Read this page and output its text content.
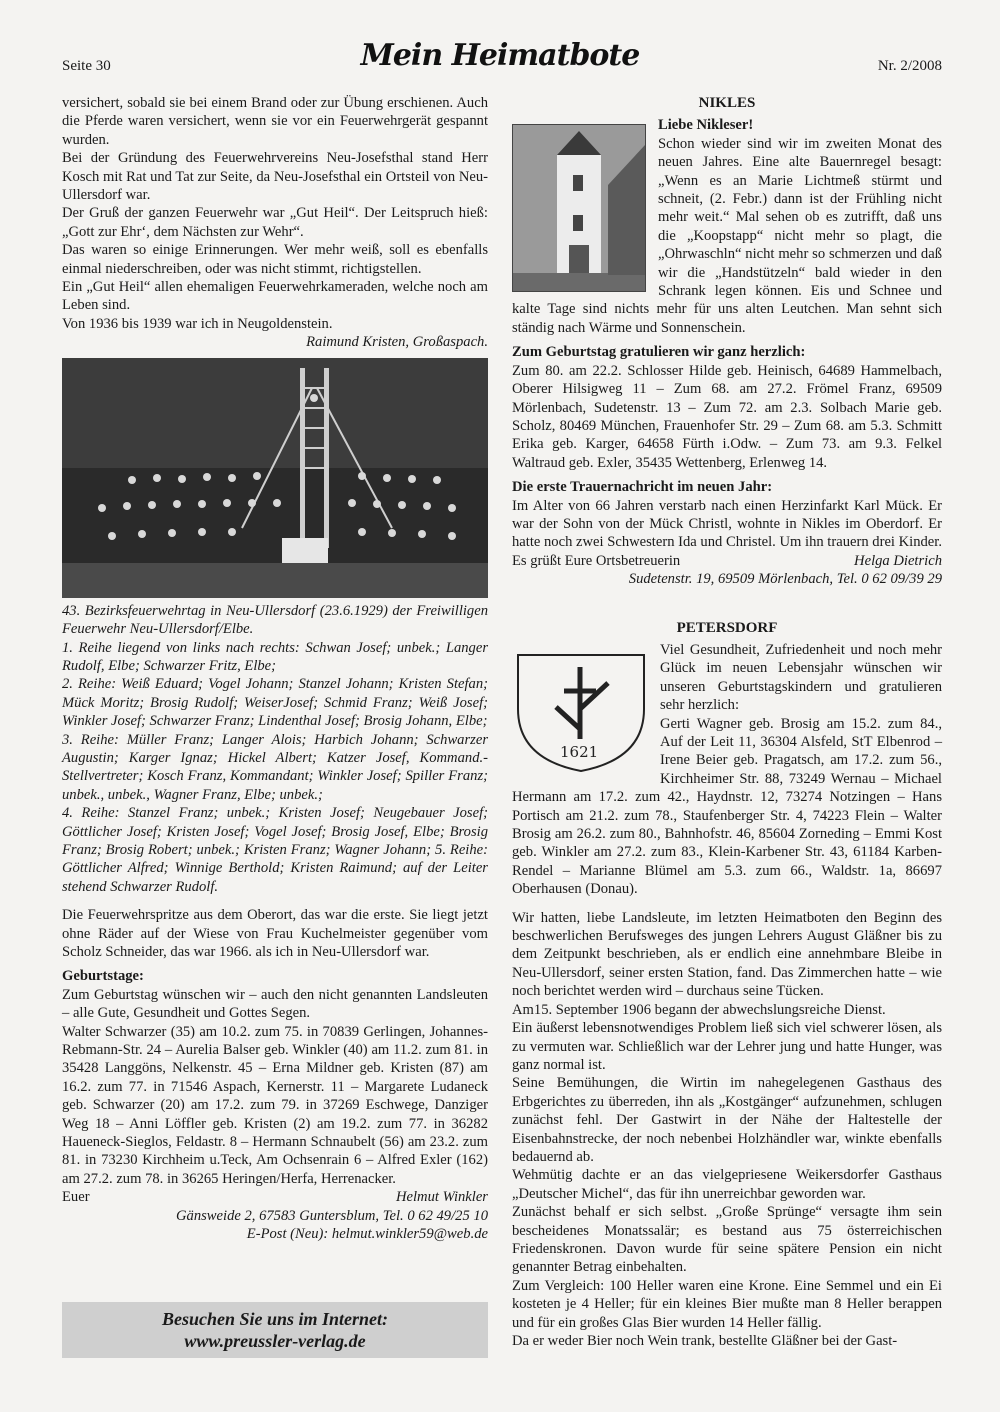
Seite 30	Mein Heimatbote	Nr. 2/2008

versichert, sobald sie bei einem Brand oder zur Übung erschienen. Auch die Pferde waren versichert, wenn sie vor ein Feuerwehrgerät gespannt wurden.

Bei der Gründung des Feuerwehrvereins Neu-Josefsthal stand Herr Kosch mit Rat und Tat zur Seite, da Neu-Josefsthal ein Ortsteil von Neu-Ullersdorf war.

Der Gruß der ganzen Feuerwehr war „Gut Heil“. Der Leitspruch hieß: „Gott zur Ehr‘, dem Nächsten zur Wehr“.

Das waren so einige Erinnerungen. Wer mehr weiß, soll es ebenfalls einmal niederschreiben, oder was nicht stimmt, richtigstellen.

Ein „Gut Heil“ allen ehemaligen Feuerwehrkameraden, welche noch am Leben sind.

Von 1936 bis 1939 war ich in Neugoldenstein.

Raimund Kristen, Großaspach.

43. Bezirksfeuerwehrtag in Neu-Ullersdorf (23.6.1929) der Freiwilligen Feuerwehr Neu-Ullersdorf/Elbe.

1. Reihe liegend von links nach rechts: Schwan Josef; unbek.; Langer Rudolf, Elbe; Schwarzer Fritz, Elbe;

2. Reihe: Weiß Eduard; Vogel Johann; Stanzel Johann; Kristen Stefan; Mück Moritz; Brosig Rudolf; WeiserJosef; Schmid Franz; Weiß Josef; Winkler Josef; Schwarzer Franz; Lindenthal Josef; Brosig Johann, Elbe;

3. Reihe: Müller Franz; Langer Alois; Harbich Johann; Schwarzer Augustin; Karger Ignaz; Hickel Albert; Katzer Josef, Kommand.-Stellvertreter; Kosch Franz, Kommandant; Winkler Josef; Spiller Franz; unbek., unbek., Wagner Franz, Elbe; unbek.;

4. Reihe: Stanzel Franz; unbek.; Kristen Josef; Neugebauer Josef; Göttlicher Josef; Kristen Josef; Vogel Josef; Brosig Josef, Elbe; Brosig Franz; Brosig Robert; unbek.; Kristen Franz; Wagner Johann; 5. Reihe: Göttlicher Alfred; Winnige Berthold; Kristen Raimund; auf der Leiter stehend Schwarzer Rudolf.

Die Feuerwehrspritze aus dem Oberort, das war die erste. Sie liegt jetzt ohne Räder auf der Wiese von Frau Kuchelmeister gegenüber vom Scholz Schneider, das war 1966. als ich in Neu-Ullersdorf war.

Geburtstage:

Zum Geburtstag wünschen wir – auch den nicht genannten Landsleuten – alle Gute, Gesundheit und Gottes Segen.

Walter Schwarzer (35) am 10.2. zum 75. in 70839 Gerlingen, Johannes-Rebmann-Str. 24 – Aurelia Balser geb. Winkler (40) am 11.2. zum 81. in 35428 Langgöns, Nelkenstr. 45 – Erna Mildner geb. Kristen (87) am 16.2. zum 77. in 71546 Aspach, Kernerstr. 11 – Margarete Ludaneck geb. Schwarzer (20) am 17.2. zum 79. in 37269 Eschwege, Danziger Weg 18 – Anni Löffler geb. Kristen (2) am 19.2. zum 77. in 36282 Haueneck-Sieglos, Feldastr. 8 – Hermann Schnaubelt (56) am 23.2. zum 81. in 73230 Kirchheim u.Teck, Am Ochsenrain 6 – Alfred Exler (162) am 27.2. zum 78. in 36265 Heringen/Herfa, Herrenacker.

Euer	Helmut Winkler

Gänsweide 2, 67583 Guntersblum, Tel. 0 62 49/25 10

E-Post (Neu): helmut.winkler59@web.de

Besuchen Sie uns im Internet:
www.preussler-verlag.de

NIKLES

Liebe Nikleser!

Schon wieder sind wir im zweiten Monat des neuen Jahres. Eine alte Bauernregel besagt: „Wenn es an Marie Lichtmeß stürmt und schneit, (2. Febr.) dann ist der Frühling nicht mehr weit.“ Mal sehen ob es zutrifft, daß uns die „Koopstapp“ nicht mehr so plagt, die „Ohrwaschln“ nicht mehr so schmerzen und daß wir die „Handstützeln“ bald wieder in den Schrank legen können. Eis und Schnee und kalte Tage sind nichts mehr für uns alten Leutchen. Man sehnt sich ständig nach Wärme und Sonnenschein.

Zum Geburtstag gratulieren wir ganz herzlich:

Zum 80. am 22.2. Schlosser Hilde geb. Heinisch, 64689 Hammelbach, Oberer Hilsigweg 11 – Zum 68. am 27.2. Frömel Franz, 69509 Mörlenbach, Sudetenstr. 13 – Zum 72. am 2.3. Solbach Marie geb. Scholz, 80469 München, Frauenhofer Str. 29 – Zum 68. am 5.3. Schmitt Erika geb. Karger, 64658 Fürth i.Odw. – Zum 73. am 9.3. Felkel Waltraud geb. Exler, 35435 Wettenberg, Erlenweg 14.

Die erste Trauernachricht im neuen Jahr:

Im Alter von 66 Jahren verstarb nach einen Herzinfarkt Karl Mück. Er war der Sohn von der Mück Christl, wohnte in Nikles im Oberdorf. Er hatte noch zwei Schwestern Ida und Christel. Um ihn trauern drei Kinder.

Es grüßt Eure Ortsbetreuerin	Helga Dietrich

Sudetenstr. 19, 69509 Mörlenbach, Tel. 0 62 09/39 29

PETERSDORF

1621

Viel Gesundheit, Zufriedenheit und noch mehr Glück im neuen Lebensjahr wünschen wir unseren Geburtstagskindern und gratulieren sehr herzlich:

Gerti Wagner geb. Brosig am 15.2. zum 84., Auf der Leit 11, 36304 Alsfeld, StT Elbenrod – Irene Beier geb. Pragatsch, am 17.2. zum 56., Kirchheimer Str. 88, 73249 Wernau – Michael Hermann am 17.2. zum 42., Haydnstr. 12, 73274 Notzingen – Hans Portisch am 21.2. zum 78., Staufenberger Str. 4, 74223 Flein – Walter Brosig am 26.2. zum 80., Bahnhofstr. 46, 85604 Zorneding – Emmi Kost geb. Winkler am 27.2. zum 83., Klein-Karbener Str. 43, 61184 Karben-Rendel – Marianne Blümel am 5.3. zum 66., Waldstr. 1a, 86697 Oberhausen (Donau).

Wir hatten, liebe Landsleute, im letzten Heimatboten den Beginn des beschwerlichen Berufsweges des jungen Lehrers August Gläßner bis zu dem Zeitpunkt beschrieben, als er endlich eine annehmbare Bleibe in Neu-Ullersdorf, seiner ersten Station, fand. Das Zimmerchen hatte – wie noch berichtet werden wird – durchaus seine Tücken.

Am15. September 1906 begann der abwechslungsreiche Dienst.

Ein äußerst lebensnotwendiges Problem ließ sich viel schwerer lösen, als zu vermuten war. Schließlich war der Lehrer jung und hatte Hunger, was ganz normal ist.

Seine Bemühungen, die Wirtin im nahegelegenen Gasthaus des Erbgerichtes zu überreden, ihn als „Kostgänger“ aufzunehmen, schlugen zunächst fehl. Der Gastwirt in der Nähe der Haltestelle der Eisenbahnstrecke, der noch nebenbei Holzhändler war, winkte ebenfalls bedauernd ab.

Wehmütig dachte er an das vielgepriesene Weikersdorfer Gasthaus „Deutscher Michel“, das für ihn unerreichbar geworden war.

Zunächst behalf er sich selbst. „Große Sprünge“ versagte ihm sein bescheidenes Monatssalär; es bestand aus 75 österreichischen Friedenskronen. Davon wurde für seine spätere Pension ein nicht genannter Betrag einbehalten.

Zum Vergleich: 100 Heller waren eine Krone. Eine Semmel und ein Ei kosteten je 4 Heller; für ein kleines Bier mußte man 8 Heller berappen und für ein großes Glas Bier wurden 14 Heller fällig.

Da er weder Bier noch Wein trank, bestellte Gläßner bei der Gast-
